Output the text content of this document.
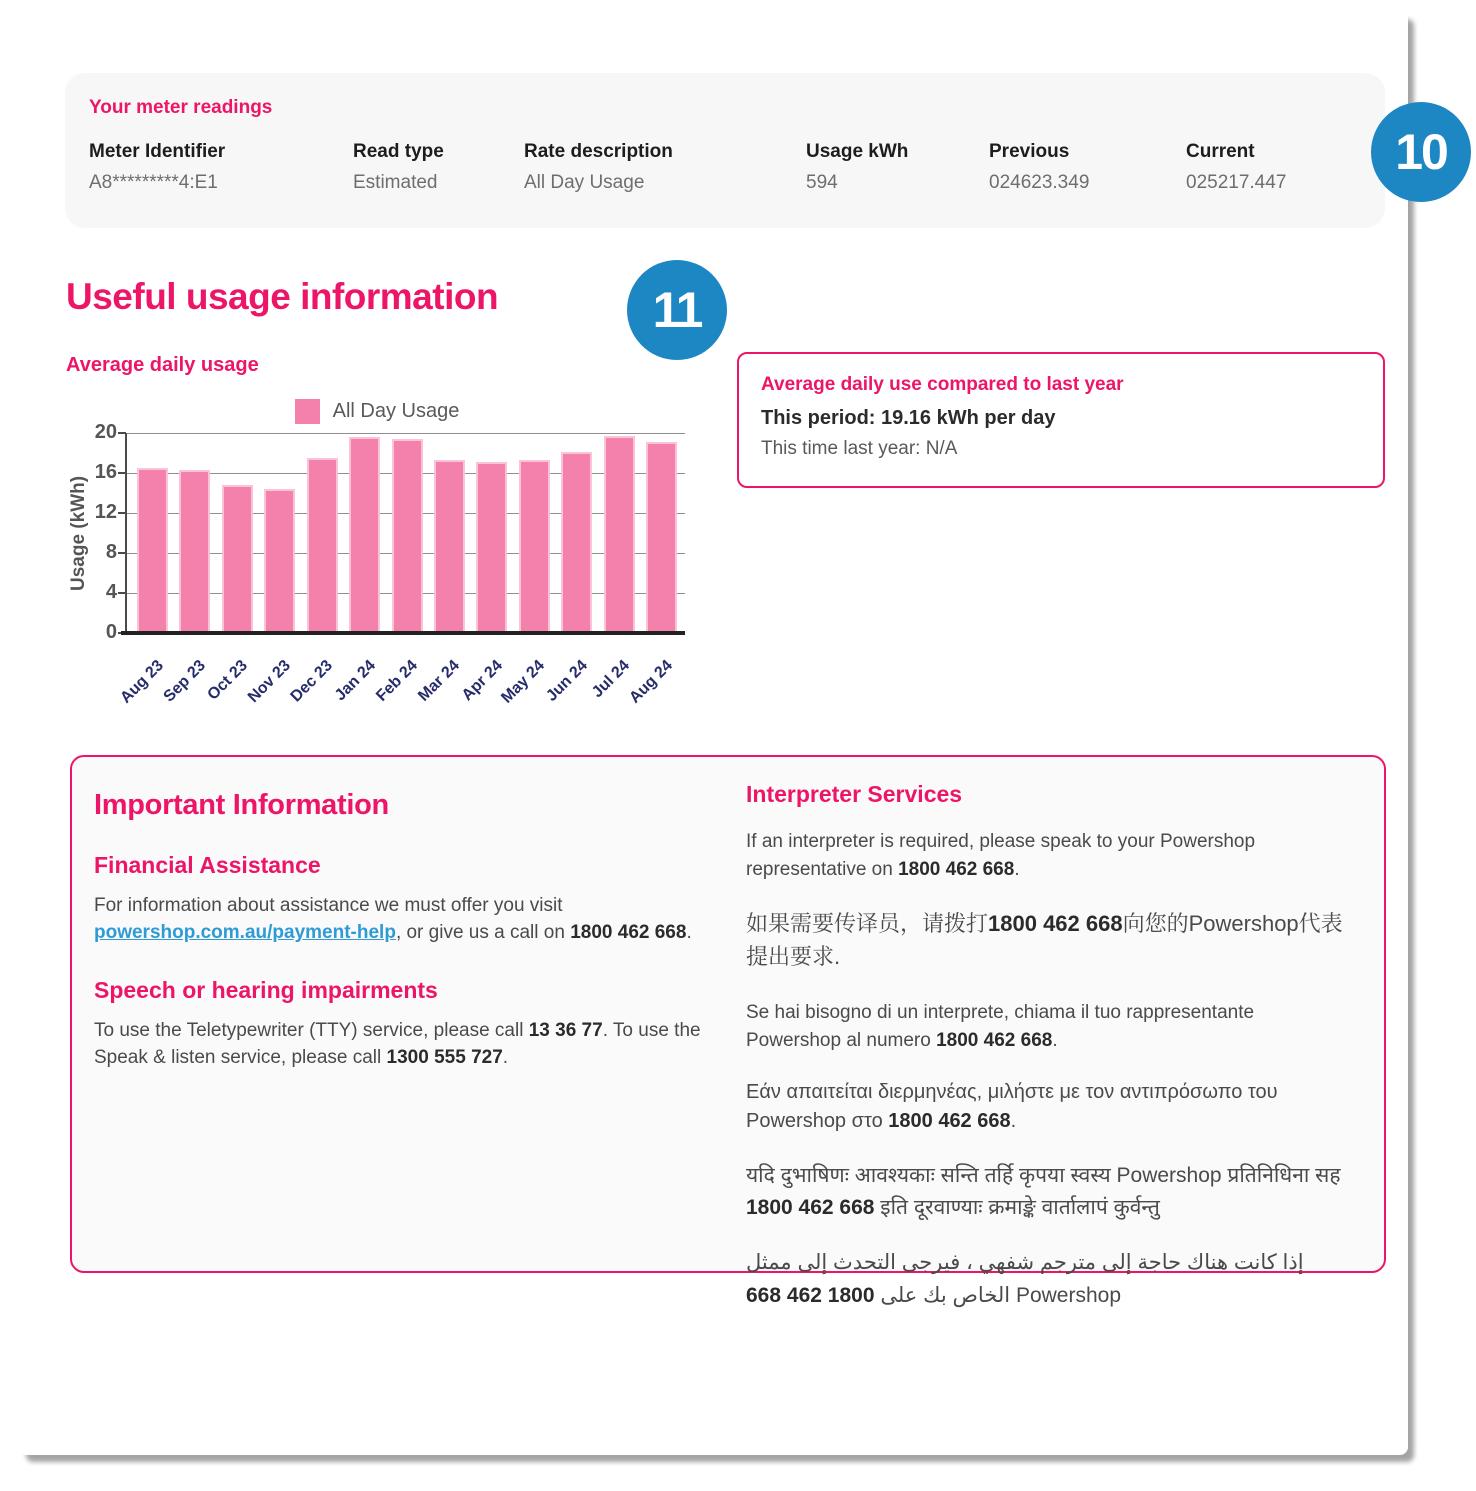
Your meter readings
Meter Identifier
A8*********4:E1
Read type
Estimated
Rate description
All Day Usage
Usage kWh
594
Previous
024623.349
Current
025217.447
Useful usage information
Average daily usage
All Day Usage
Usage (kWh)
0
4
8
12
16
20
Aug 23
Sep 23
Oct 23
Nov 23
Dec 23
Jan 24
Feb 24
Mar 24
Apr 24
May 24
Jun 24
Jul 24
Aug 24
Average daily use compared to last year
This period: 19.16 kWh per day
This time last year: N/A
Important Information
Financial Assistance

For information about assistance we must offer you visit powershop.com.au/payment-help, or give us a call on 1800 462 668.

Speech or hearing impairments

To use the Teletypewriter (TTY) service, please call 13 36 77. To use the Speak & listen service, please call 1300 555 727.

Interpreter Services

If an interpreter is required, please speak to your Powershop representative on 1800 462 668.

如果需要传译员，请拨打1800 462 668向您的Powershop代表提出要求.

Se hai bisogno di un interprete, chiama il tuo rappresentante Powershop al numero 1800 462 668.

Εάν απαιτείται διερμηνέας, μιλήστε με τον αντιπρόσωπο του Powershop στο 1800 462 668.

यदि दुभाषिणः आवश्यकाः सन्ति तर्हि कृपया स्वस्य Powershop प्रतिनिधिना सह 1800 462 668 इति दूरवाण्याः क्रमाङ्के वार्तालापं कुर्वन्तु

إذا كانت هناك حاجة إلى مترجم شفهي ، فيرجى التحدث إلى ممثل Powershop الخاص بك على 1800 462 668

10
11
